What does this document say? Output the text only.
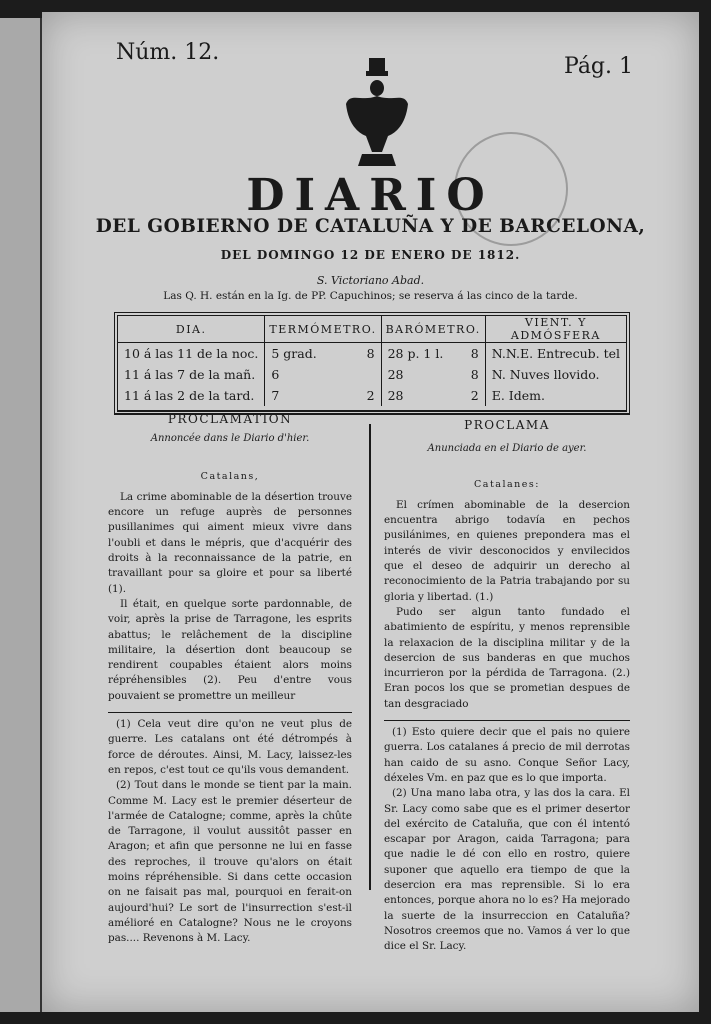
Núm. 12.
Pág. 1
DIARIO
DEL GOBIERNO DE CATALUÑA Y DE BARCELONA,
DEL DOMINGO 12 DE ENERO DE 1812.
S. Victoriano Abad.
Las Q. H. están en la Ig. de PP. Capuchinos; se reserva á las cinco de la tarde.
DIA.	TERMÓMETRO.	BARÓMETRO.	VIENT. Y ADMÓSFERA
10 á las 11 de la noc.	5 grad. 8	28 p. 1 l. 8	N.N.E. Entrecub. tel
11 á las 7 de la mañ.	6	28 8	N. Nuves llovido.
11 á las 2 de la tard.	7 2	28 2	E. Idem.
PROCLAMATION
Annoncée dans le Diario d'hier.
Catalans,

La crime abominable de la désertion trouve encore un refuge auprès de personnes pusillanimes qui aiment mieux vivre dans l'oubli et dans le mépris, que d'acquérir des droits à la reconnaissance de la patrie, en travaillant pour sa gloire et pour sa liberté (1).

Il était, en quelque sorte pardonnable, de voir, après la prise de Tarragone, les esprits abattus; le relâchement de la discipline militaire, la désertion dont beaucoup se rendirent coupables étaient alors moins répréhensibles (2). Peu d'entre vous pouvaient se promettre un meilleur

(1) Cela veut dire qu'on ne veut plus de guerre. Les catalans ont été détrompés à force de déroutes. Ainsi, M. Lacy, laissez-les en repos, c'est tout ce qu'ils vous demandent.

(2) Tout dans le monde se tient par la main. Comme M. Lacy est le premier déserteur de l'armée de Catalogne; comme, après la chûte de Tarragone, il voulut aussitôt passer en Aragon; et afin que personne ne lui en fasse des reproches, il trouve qu'alors on était moins répréhensible. Si dans cette occasion on ne faisait pas mal, pourquoi en ferait-on aujourd'hui? Le sort de l'insurrection s'est-il amélioré en Catalogne? Nous ne le croyons pas.... Revenons à M. Lacy.

PROCLAMA
Anunciada en el Diario de ayer.
Catalanes:

El crímen abominable de la desercion encuentra abrigo todavía en pechos pusilánimes, en quienes prepondera mas el interés de vivir desconocidos y envilecidos que el deseo de adquirir un derecho al reconocimiento de la Patria trabajando por su gloria y libertad. (1.)

Pudo ser algun tanto fundado el abatimiento de espíritu, y menos reprensible la relaxacion de la disciplina militar y de la desercion de sus banderas en que muchos incurrieron por la pérdida de Tarragona. (2.) Eran pocos los que se prometian despues de tan desgraciado

(1) Esto quiere decir que el pais no quiere guerra. Los catalanes á precio de mil derrotas han caido de su asno. Conque Señor Lacy, déxeles Vm. en paz que es lo que importa.

(2) Una mano laba otra, y las dos la cara. El Sr. Lacy como sabe que es el primer desertor del exército de Cataluña, que con él intentó escapar por Aragon, caida Tarragona; para que nadie le dé con ello en rostro, quiere suponer que aquello era tiempo de que la desercion era mas reprensible. Si lo era entonces, porque ahora no lo es? Ha mejorado la suerte de la insurreccion en Cataluña? Nosotros creemos que no. Vamos á ver lo que dice el Sr. Lacy.
